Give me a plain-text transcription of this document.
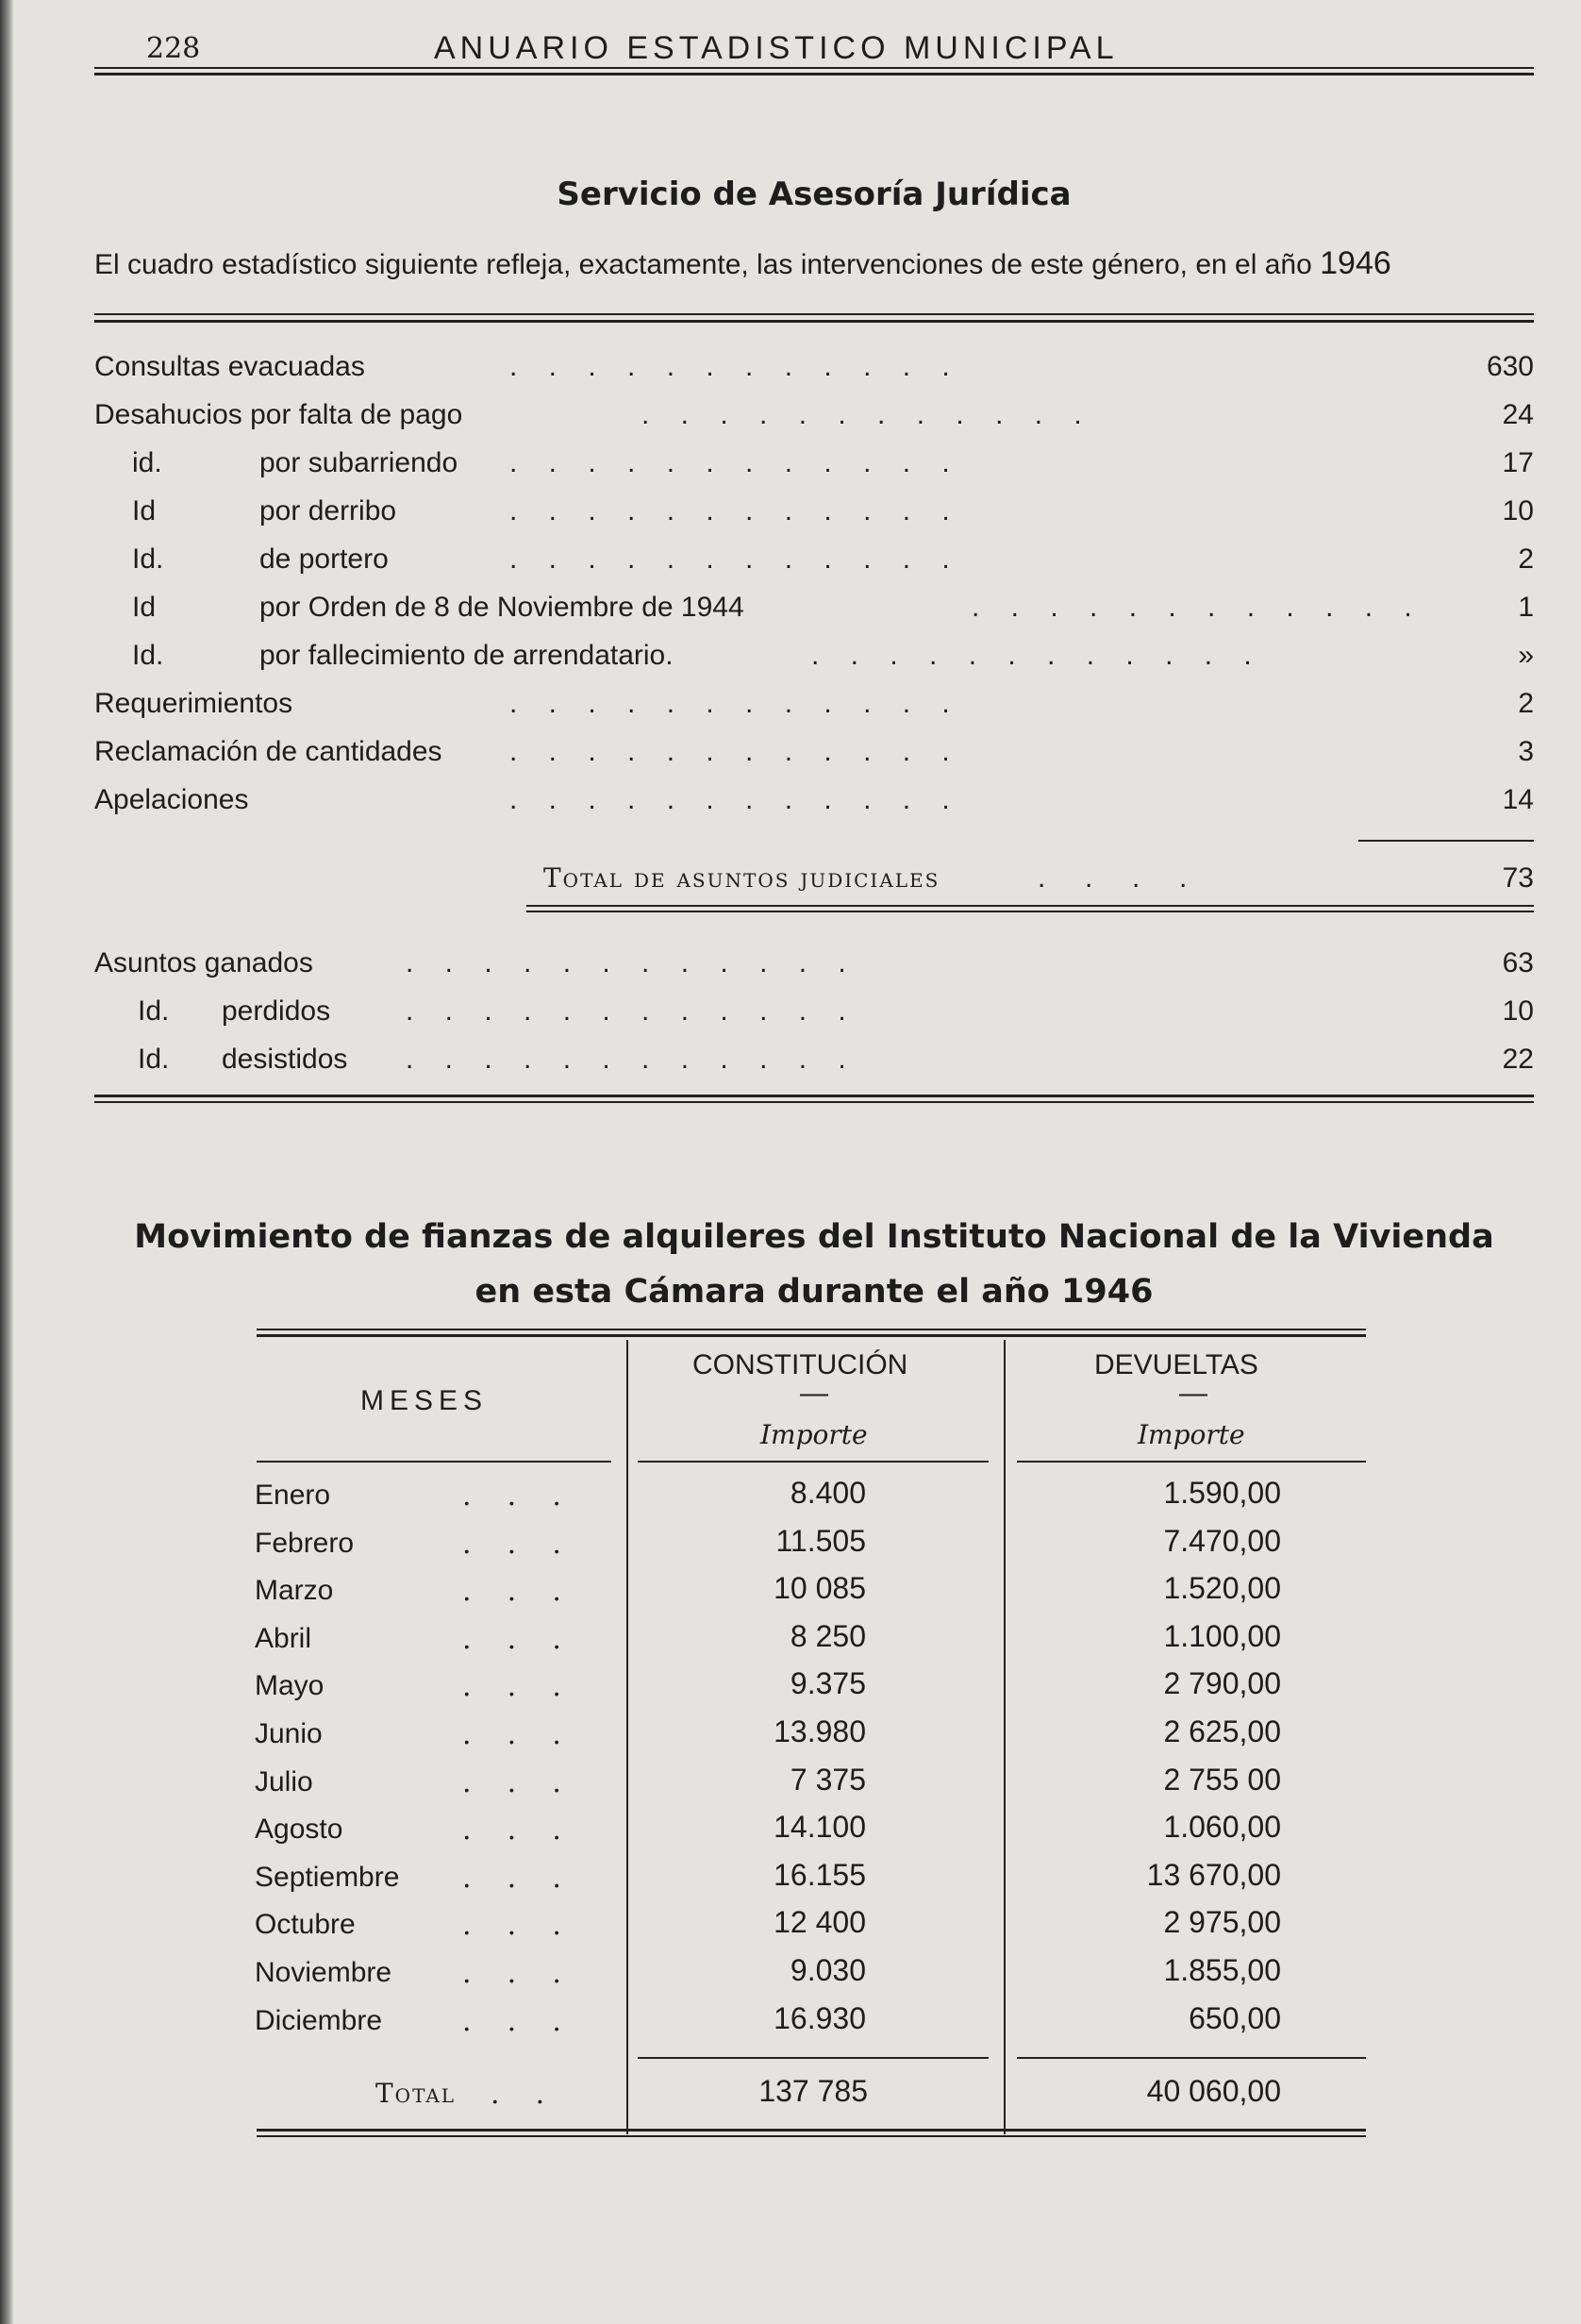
228	ANUARIO ESTADISTICO MUNICIPAL
Servicio de Asesoría Jurídica
El cuadro estadístico siguiente refleja, exactamente, las intervenciones de este género, en el año 1946
Consultas evacuadas	.    .    .    .    .    .    .    .    .    .    .    .	630
Desahucios por falta de pago	.    .    .    .    .    .    .    .    .    .    .    .	24
id.	por subarriendo .    .    .    .    .    .    .    .    .    .    .    .	17
Id	por derribo	.    .    .    .    .    .    .    .    .    .    .    .	10
Id.	de portero	.    .    .    .    .    .    .    .    .    .    .    .	2
Id	por Orden de 8 de Noviembre de 1944	.    .    .    .    .    .    .    .    .    .    .    .	1
Id.	por fallecimiento de arrendatario.	.    .    .    .    .    .    .    .    .    .    .    .	»
Requerimientos	.    .    .    .    .    .    .    .    .    .    .    .	2
Reclamación de cantidades .    .    .    .    .    .    .    .    .    .    .    .	3
Apelaciones	.    .    .    .    .    .    .    .    .    .    .    .	14
Total de asuntos judiciales	.     .     .     .	73
Asuntos ganados	.    .    .    .    .    .    .    .    .    .    .    .	63
Id. perdidos	.    .    .    .    .    .    .    .    .    .    .    .	10
Id. desistidos .    .    .    .    .    .    .    .    .    .    .    .	22
Movimiento de fianzas de alquileres del Instituto Nacional de la Vivienda
en esta Cámara durante el año 1946
MESES
CONSTITUCIÓN	DEVUELTAS
—	—
Importe	Importe
Enero	.    .    .	8.400	1.590,00
Febrero	.    .    .	11.505	7.470,00
Marzo	.    .    .	10 085	1.520,00
Abril	.    .    .	8 250	1.100,00
Mayo	.    .    .	9.375	2 790,00
Junio	.    .    .	13.980	2 625,00
Julio	.    .    .	7 375	2 755 00
Agosto	.    .    .	14.100	1.060,00
Septiembre .    .    .	16.155	13 670,00
Octubre	.    .    .	12 400	2 975,00
Noviembre .    .    .	9.030	1.855,00
Diciembre	.    .    .	16.930	650,00
Total .    .	137 785	40 060,00
